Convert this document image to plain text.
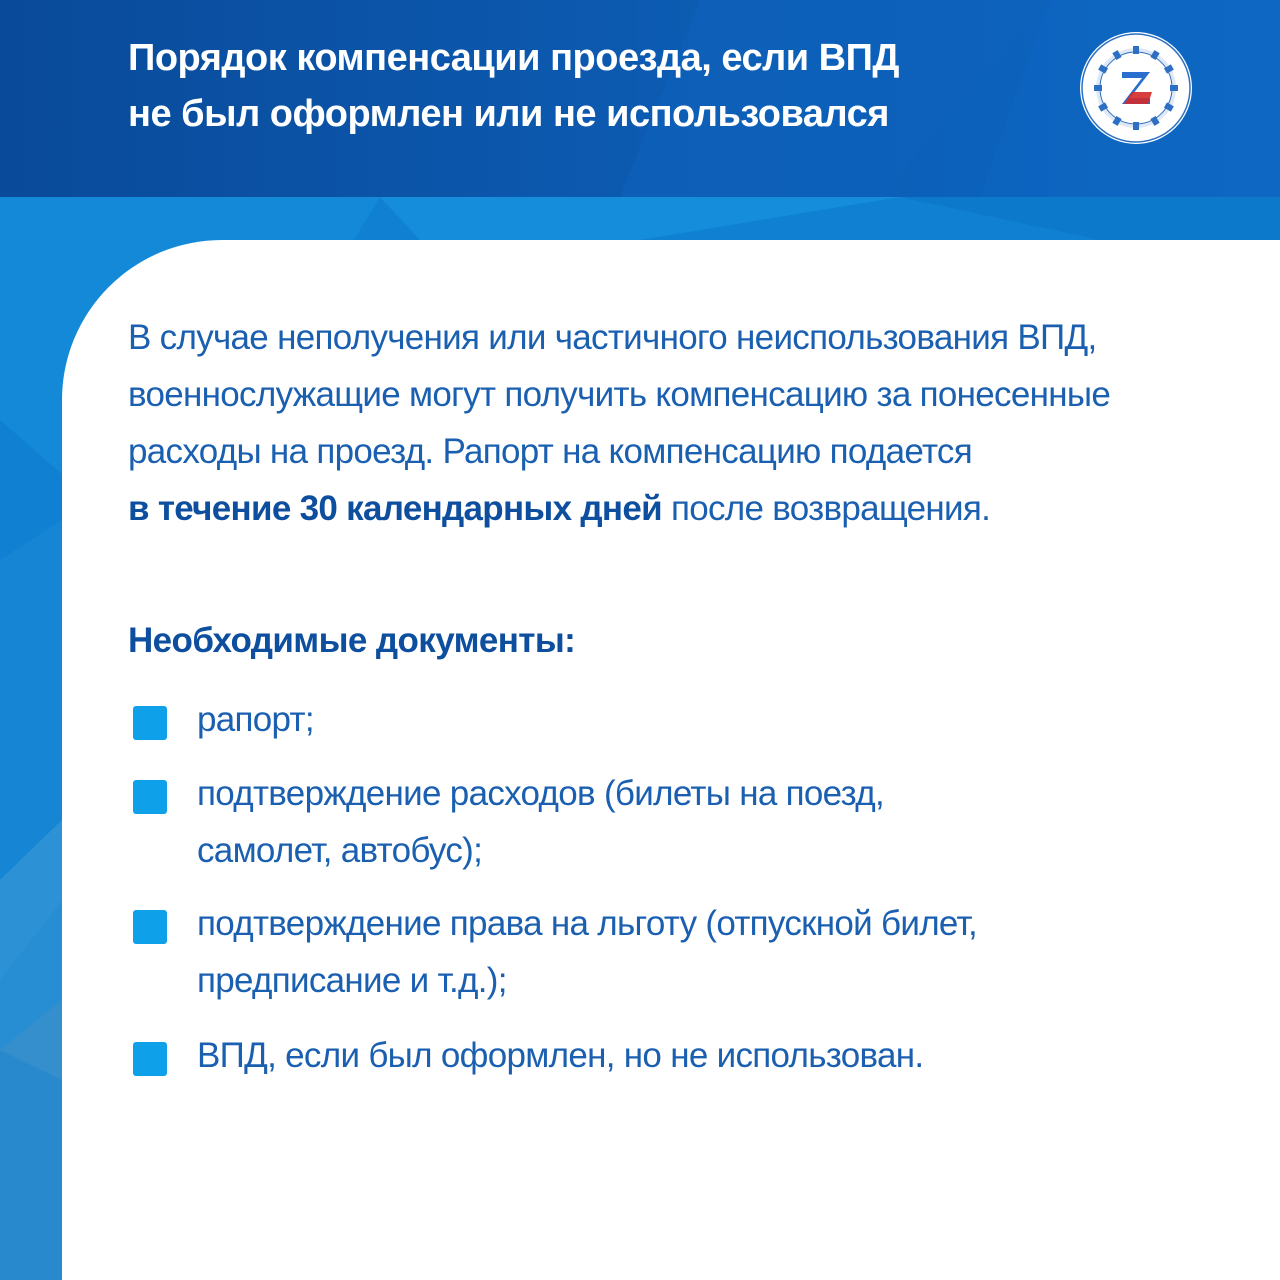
Порядок компенсации проезда, если ВПД
не был оформлен или не использовался
В случае неполучения или частичного неиспользования ВПД,
военнослужащие могут получить компенсацию за понесенные
расходы на проезд. Рапорт на компенсацию подается
в течение 30 календарных дней после возвращения.
Необходимые документы:
рапорт;
подтверждение расходов (билеты на поезд,
самолет, автобус);
подтверждение права на льготу (отпускной билет,
предписание и т.д.);
ВПД, если был оформлен, но не использован.
